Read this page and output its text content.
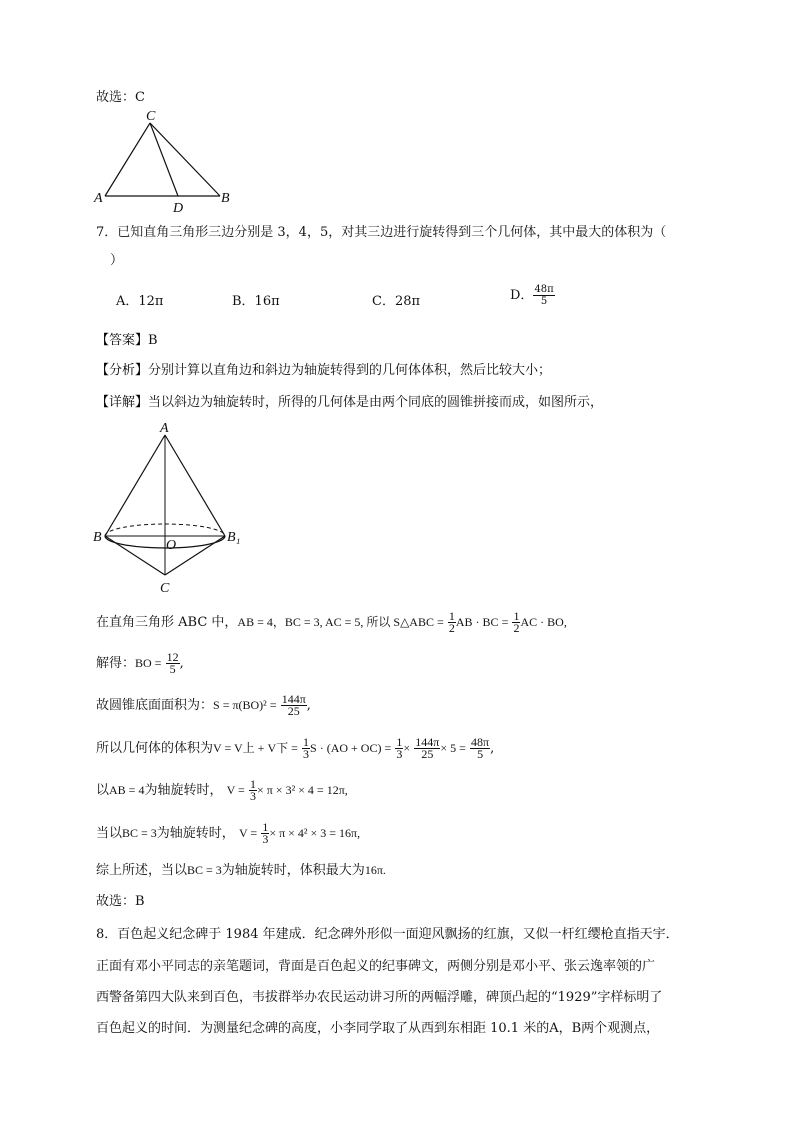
故选：C
C
A
D
B
7．已知直角三角形三边分别是 3，4，5，对其三边进行旋转得到三个几何体，其中最大的体积为（
）
A．12π	B．16π	C．28π	D． $\frac{48\pi}{5}$
【答案】B
【分析】分别计算以直角边和斜边为轴旋转得到的几何体体积，然后比较大小；
【详解】当以斜边为轴旋转时，所得的几何体是由两个同底的圆锥拼接而成，如图所示，
A
B
O
B₁
C
在直角三角形 ABC 中，AB = 4，BC = 3, AC = 5, 所以 S△ABC = $\frac{1}{2}$ AB · BC = $\frac{1}{2}$ AC · BO,
解得：BO = $\frac{12}{5}$ ,
故圆锥底面面积为：$S = \pi(BO)^2 = \frac{144\pi}{25}$ ,
所以几何体的体积为V = V上 + V下 = $\frac{1}{3}$ $S \cdot (AO + OC) = \frac{1}{3} \times \frac{144\pi}{25} \times 5 = \frac{48\pi}{5}$ ,
以AB = 4为轴旋转时， $V = \frac{1}{3} \times \pi \times 3^2 \times 4 = 12\pi$,
当以BC = 3为轴旋转时， $V = \frac{1}{3} \times \pi \times 4^2 \times 3 = 16\pi$,
综上所述，当以BC = 3为轴旋转时，体积最大为16π.
故选：B
8．百色起义纪念碑于 1984 年建成．纪念碑外形似一面迎风飘扬的红旗，又似一杆红缨枪直指天宇．
正面有邓小平同志的亲笔题词，背面是百色起义的纪事碑文，两侧分别是邓小平、张云逸率领的广
西警备第四大队来到百色，韦拔群举办农民运动讲习所的两幅浮雕，碑顶凸起的“1929”字样标明了
百色起义的时间．为测量纪念碑的高度，小李同学取了从西到东相距 10.1 米的A，B两个观测点，
